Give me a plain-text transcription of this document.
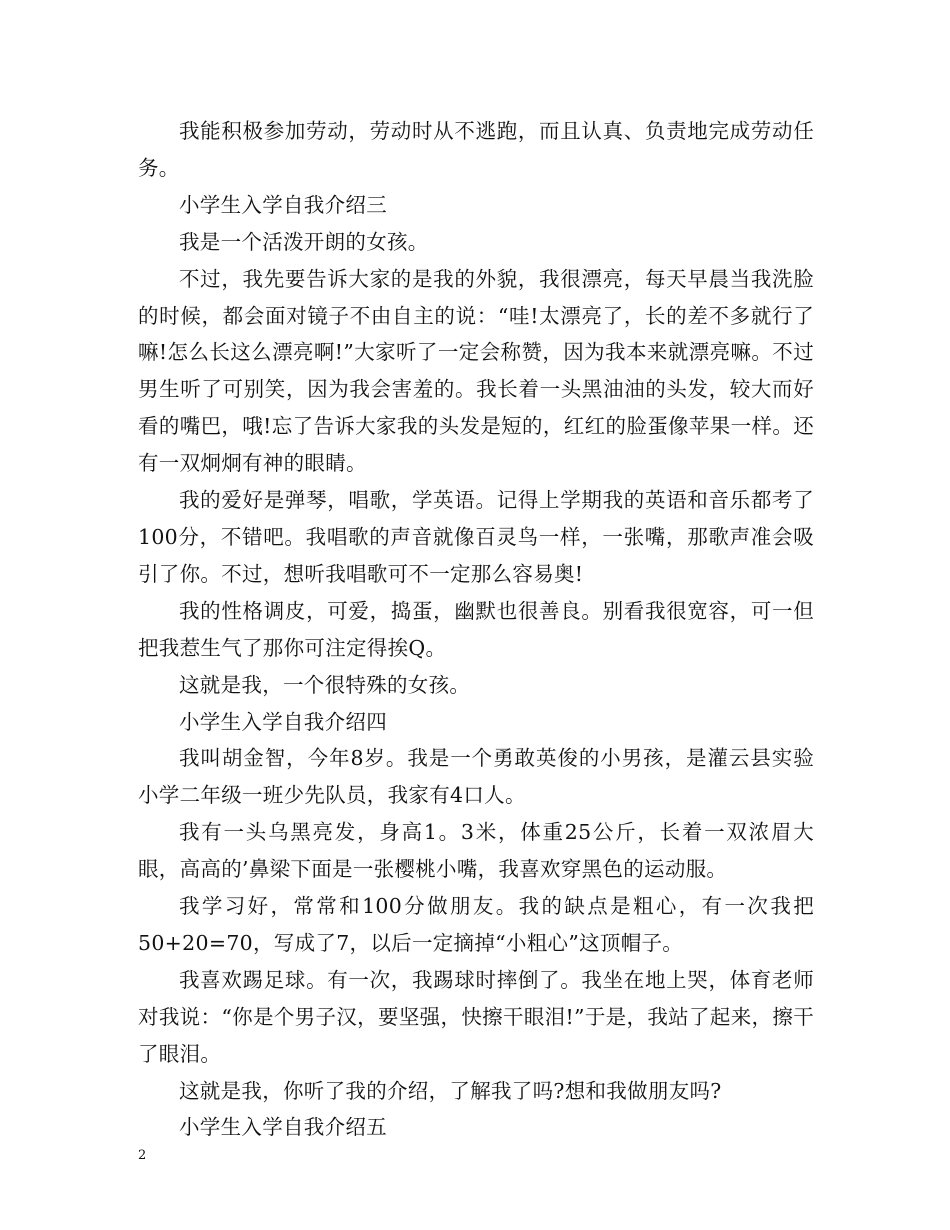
我能积极参加劳动，劳动时从不逃跑，而且认真、负责地完成劳动任务。

小学生入学自我介绍三

我是一个活泼开朗的女孩。

不过，我先要告诉大家的是我的外貌，我很漂亮，每天早晨当我洗脸的时候，都会面对镜子不由自主的说：“哇!太漂亮了，长的差不多就行了嘛!怎么长这么漂亮啊!”大家听了一定会称赞，因为我本来就漂亮嘛。不过男生听了可别笑，因为我会害羞的。我长着一头黑油油的头发，较大而好看的嘴巴，哦!忘了告诉大家我的头发是短的，红红的脸蛋像苹果一样。还有一双炯炯有神的眼睛。

我的爱好是弹琴，唱歌，学英语。记得上学期我的英语和音乐都考了100分，不错吧。我唱歌的声音就像百灵鸟一样，一张嘴，那歌声准会吸引了你。不过，想听我唱歌可不一定那么容易奥!

我的性格调皮，可爱，捣蛋，幽默也很善良。别看我很宽容，可一但把我惹生气了那你可注定得挨Q。

这就是我，一个很特殊的女孩。

小学生入学自我介绍四

我叫胡金智，今年8岁。我是一个勇敢英俊的小男孩，是灌云县实验小学二年级一班少先队员，我家有4口人。

我有一头乌黑亮发，身高1。3米，体重25公斤，长着一双浓眉大眼，高高的’鼻梁下面是一张樱桃小嘴，我喜欢穿黑色的运动服。

我学习好，常常和100分做朋友。我的缺点是粗心，有一次我把50+20=70，写成了7，以后一定摘掉“小粗心”这顶帽子。

我喜欢踢足球。有一次，我踢球时摔倒了。我坐在地上哭，体育老师对我说：“你是个男子汉，要坚强，快擦干眼泪!”于是，我站了起来，擦干了眼泪。

这就是我，你听了我的介绍，了解我了吗?想和我做朋友吗?

小学生入学自我介绍五

2
